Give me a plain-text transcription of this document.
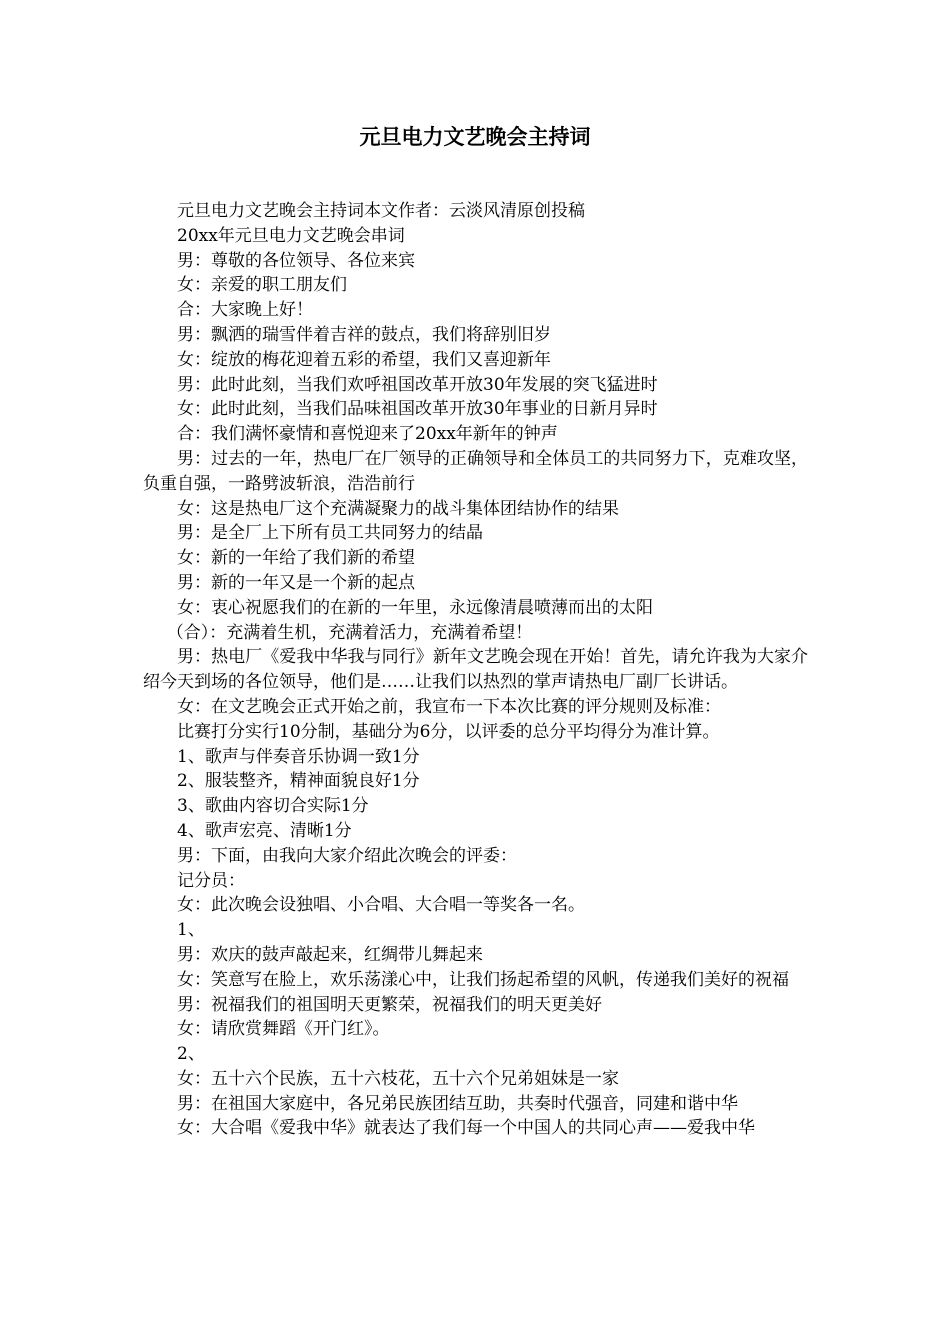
元旦电力文艺晚会主持词

元旦电力文艺晚会主持词本文作者：云淡风清原创投稿

20xx年元旦电力文艺晚会串词

男：尊敬的各位领导、各位来宾

女：亲爱的职工朋友们

合：大家晚上好！

男：飘洒的瑞雪伴着吉祥的鼓点，我们将辞别旧岁

女：绽放的梅花迎着五彩的希望，我们又喜迎新年

男：此时此刻，当我们欢呼祖国改革开放30年发展的突飞猛进时

女：此时此刻，当我们品味祖国改革开放30年事业的日新月异时

合：我们满怀豪情和喜悦迎来了20xx年新年的钟声

男：过去的一年，热电厂在厂领导的正确领导和全体员工的共同努力下，克难攻坚，负重自强，一路劈波斩浪，浩浩前行

女：这是热电厂这个充满凝聚力的战斗集体团结协作的结果

男：是全厂上下所有员工共同努力的结晶

女：新的一年给了我们新的希望

男：新的一年又是一个新的起点

女：衷心祝愿我们的在新的一年里，永远像清晨喷薄而出的太阳

（合）：充满着生机，充满着活力，充满着希望！

男：热电厂《爱我中华我与同行》新年文艺晚会现在开始！首先，请允许我为大家介绍今天到场的各位领导，他们是……让我们以热烈的掌声请热电厂副厂长讲话。

女：在文艺晚会正式开始之前，我宣布一下本次比赛的评分规则及标准：

比赛打分实行10分制，基础分为6分，以评委的总分平均得分为准计算。

1、歌声与伴奏音乐协调一致1分

2、服装整齐，精神面貌良好1分

3、歌曲内容切合实际1分

4、歌声宏亮、清晰1分

男：下面，由我向大家介绍此次晚会的评委：

记分员：

女：此次晚会设独唱、小合唱、大合唱一等奖各一名。

1、

男：欢庆的鼓声敲起来，红绸带儿舞起来

女：笑意写在脸上，欢乐荡漾心中，让我们扬起希望的风帆，传递我们美好的祝福

男：祝福我们的祖国明天更繁荣，祝福我们的明天更美好

女：请欣赏舞蹈《开门红》。

2、

女：五十六个民族，五十六枝花，五十六个兄弟姐妹是一家

男：在祖国大家庭中，各兄弟民族团结互助，共奏时代强音，同建和谐中华

女：大合唱《爱我中华》就表达了我们每一个中国人的共同心声——爱我中华
